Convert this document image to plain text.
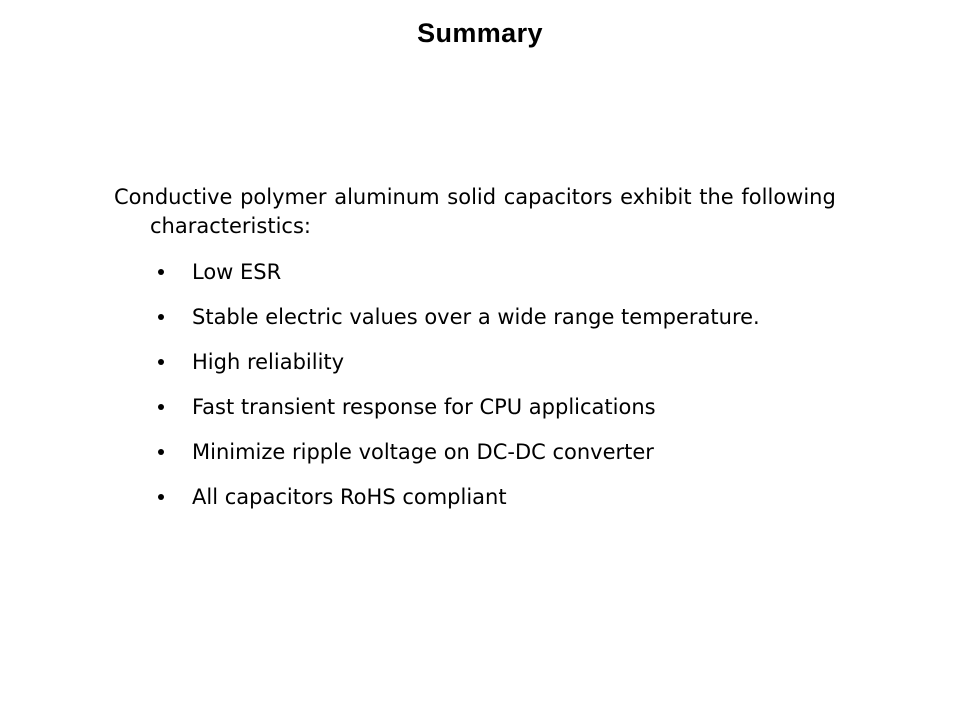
Summary
Conductive polymer aluminum solid capacitors exhibit the following characteristics:
Low ESR
Stable electric values over a wide range temperature.
High reliability
Fast transient response for CPU applications
Minimize ripple voltage on DC-DC converter
All capacitors RoHS compliant
